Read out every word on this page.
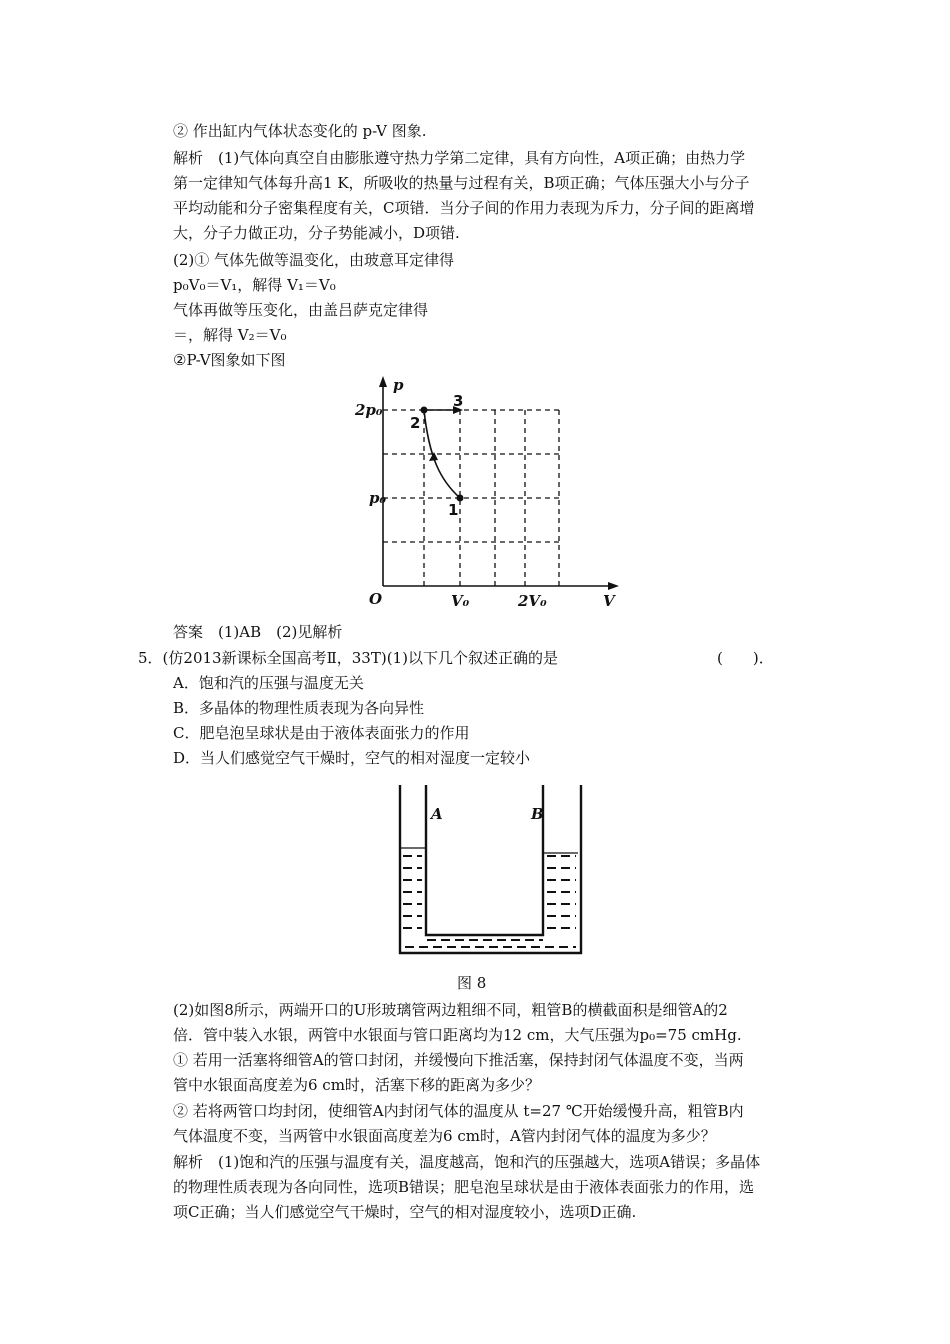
② 作出缸内气体状态变化的 p-V 图象.
解析　(1)气体向真空自由膨胀遵守热力学第二定律，具有方向性，A项正确；由热力学
第一定律知气体每升高1 K，所吸收的热量与过程有关，B项正确；气体压强大小与分子
平均动能和分子密集程度有关，C项错．当分子间的作用力表现为斥力，分子间的距离增
大，分子力做正功，分子势能减小，D项错.
(2)① 气体先做等温变化，由玻意耳定律得
p₀V₀＝V₁，解得 V₁＝V₀
气体再做等压变化，由盖吕萨克定律得
＝，解得 V₂＝V₀
②P-V图象如下图
p
V
O
2p₀
p₀
V₀	2V₀
1
2
3
答案　(1)AB　(2)见解析
5．(仿2013新课标全国高考Ⅱ，33T)(1)以下几个叙述正确的是	(　　)．
A．饱和汽的压强与温度无关
B．多晶体的物理性质表现为各向异性
C．肥皂泡呈球状是由于液体表面张力的作用
D．当人们感觉空气干燥时，空气的相对湿度一定较小
A	B
图 8
(2)如图8所示，两端开口的U形玻璃管两边粗细不同，粗管B的横截面积是细管A的2
倍．管中装入水银，两管中水银面与管口距离均为12 cm，大气压强为p₀=75 cmHg.
① 若用一活塞将细管A的管口封闭，并缓慢向下推活塞，保持封闭气体温度不变，当两
管中水银面高度差为6 cm时，活塞下移的距离为多少？
② 若将两管口均封闭，使细管A内封闭气体的温度从 t=27 ℃开始缓慢升高，粗管B内
气体温度不变，当两管中水银面高度差为6 cm时，A管内封闭气体的温度为多少？
解析　(1)饱和汽的压强与温度有关，温度越高，饱和汽的压强越大，选项A错误；多晶体
的物理性质表现为各向同性，选项B错误；肥皂泡呈球状是由于液体表面张力的作用，选
项C正确；当人们感觉空气干燥时，空气的相对湿度较小，选项D正确.
